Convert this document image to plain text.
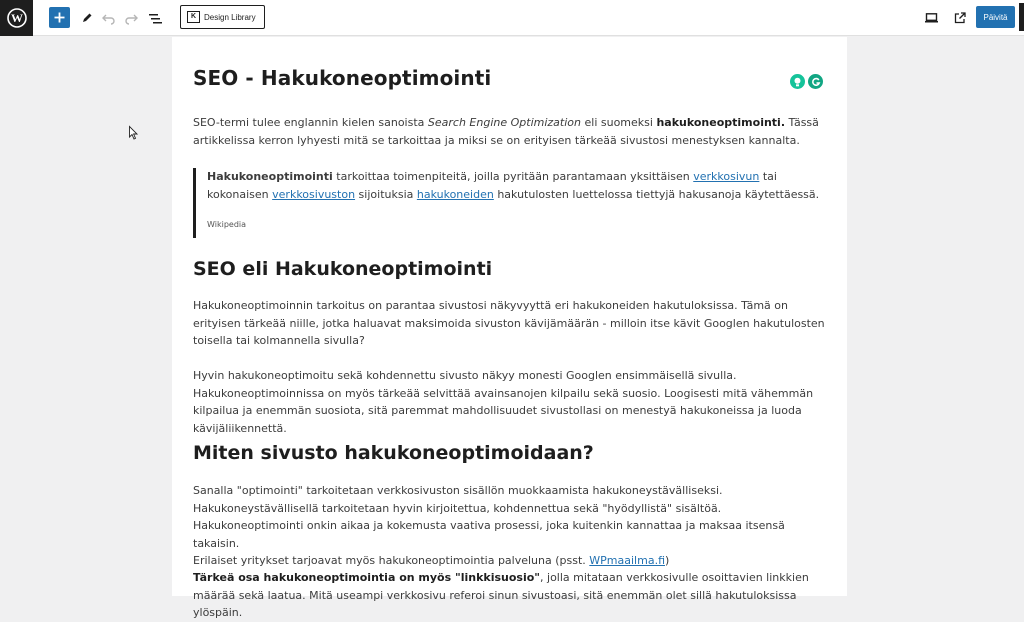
W	K Design Library	Päivitä
SEO - Hakukoneoptimointi

SEO-termi tulee englannin kielen sanoista Search Engine Optimization eli suomeksi hakukoneoptimointi. Tässä artikkelissa kerron lyhyesti mitä se tarkoittaa ja miksi se on erityisen tärkeää sivustosi menestyksen kannalta.

Hakukoneoptimointi tarkoittaa toimenpiteitä, joilla pyritään parantamaan yksittäisen verkkosivun tai kokonaisen verkkosivuston sijoituksia hakukoneiden hakutulosten luettelossa tiettyjä hakusanoja käytettäessä.

Wikipedia
SEO eli Hakukoneoptimointi

Hakukoneoptimoinnin tarkoitus on parantaa sivustosi näkyvyyttä eri hakukoneiden hakutuloksissa. Tämä on erityisen tärkeää niille, jotka haluavat maksimoida sivuston kävijämäärän - milloin itse kävit Googlen hakutulosten toisella tai kolmannella sivulla?

Hyvin hakukoneoptimoitu sekä kohdennettu sivusto näkyy monesti Googlen ensimmäisellä sivulla. Hakukoneoptimoinnissa on myös tärkeää selvittää avainsanojen kilpailu sekä suosio. Loogisesti mitä vähemmän kilpailua ja enemmän suosiota, sitä paremmat mahdollisuudet sivustollasi on menestyä hakukoneissa ja luoda kävijäliikennettä.

Miten sivusto hakukoneoptimoidaan?

Sanalla "optimointi" tarkoitetaan verkkosivuston sisällön muokkaamista hakukoneystävälliseksi. Hakukoneystävällisellä tarkoitetaan hyvin kirjoitettua, kohdennettua sekä "hyödyllistä" sisältöä. Hakukoneoptimointi onkin aikaa ja kokemusta vaativa prosessi, joka kuitenkin kannattaa ja maksaa itsensä takaisin.
Erilaiset yritykset tarjoavat myös hakukoneoptimointia palveluna (psst. WPmaailma.fi)

Tärkeä osa hakukoneoptimointia on myös "linkkisuosio", jolla mitataan verkkosivulle osoittavien linkkien määrää sekä laatua. Mitä useampi verkkosivu referoi sinun sivustoasi, sitä enemmän olet sillä hakutuloksissa ylöspäin.
